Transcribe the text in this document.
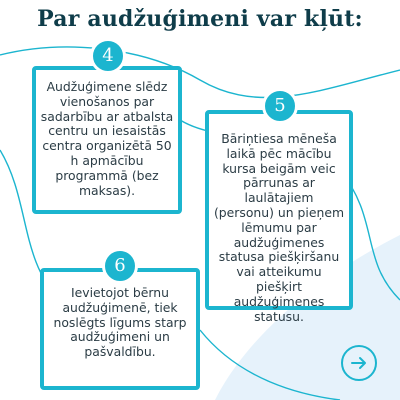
Par audžuģimeni var kļūt:

Audžuģimene slēdz vienošanos par sadarbību ar atbalsta centru un iesaistās centra organizētā 50 h apmācību programmā (bez maksas).

4

Bāriņtiesa mēneša laikā pēc mācību kursa beigām veic pārrunas ar laulātajiem (personu) un pieņem lēmumu par audžuģimenes statusa piešķiršanu vai atteikumu piešķirt audžuģimenes statusu.

5

Ievietojot bērnu audžuģimenē, tiek noslēgts līgums starp audžuģimeni un pašvaldību.

6
